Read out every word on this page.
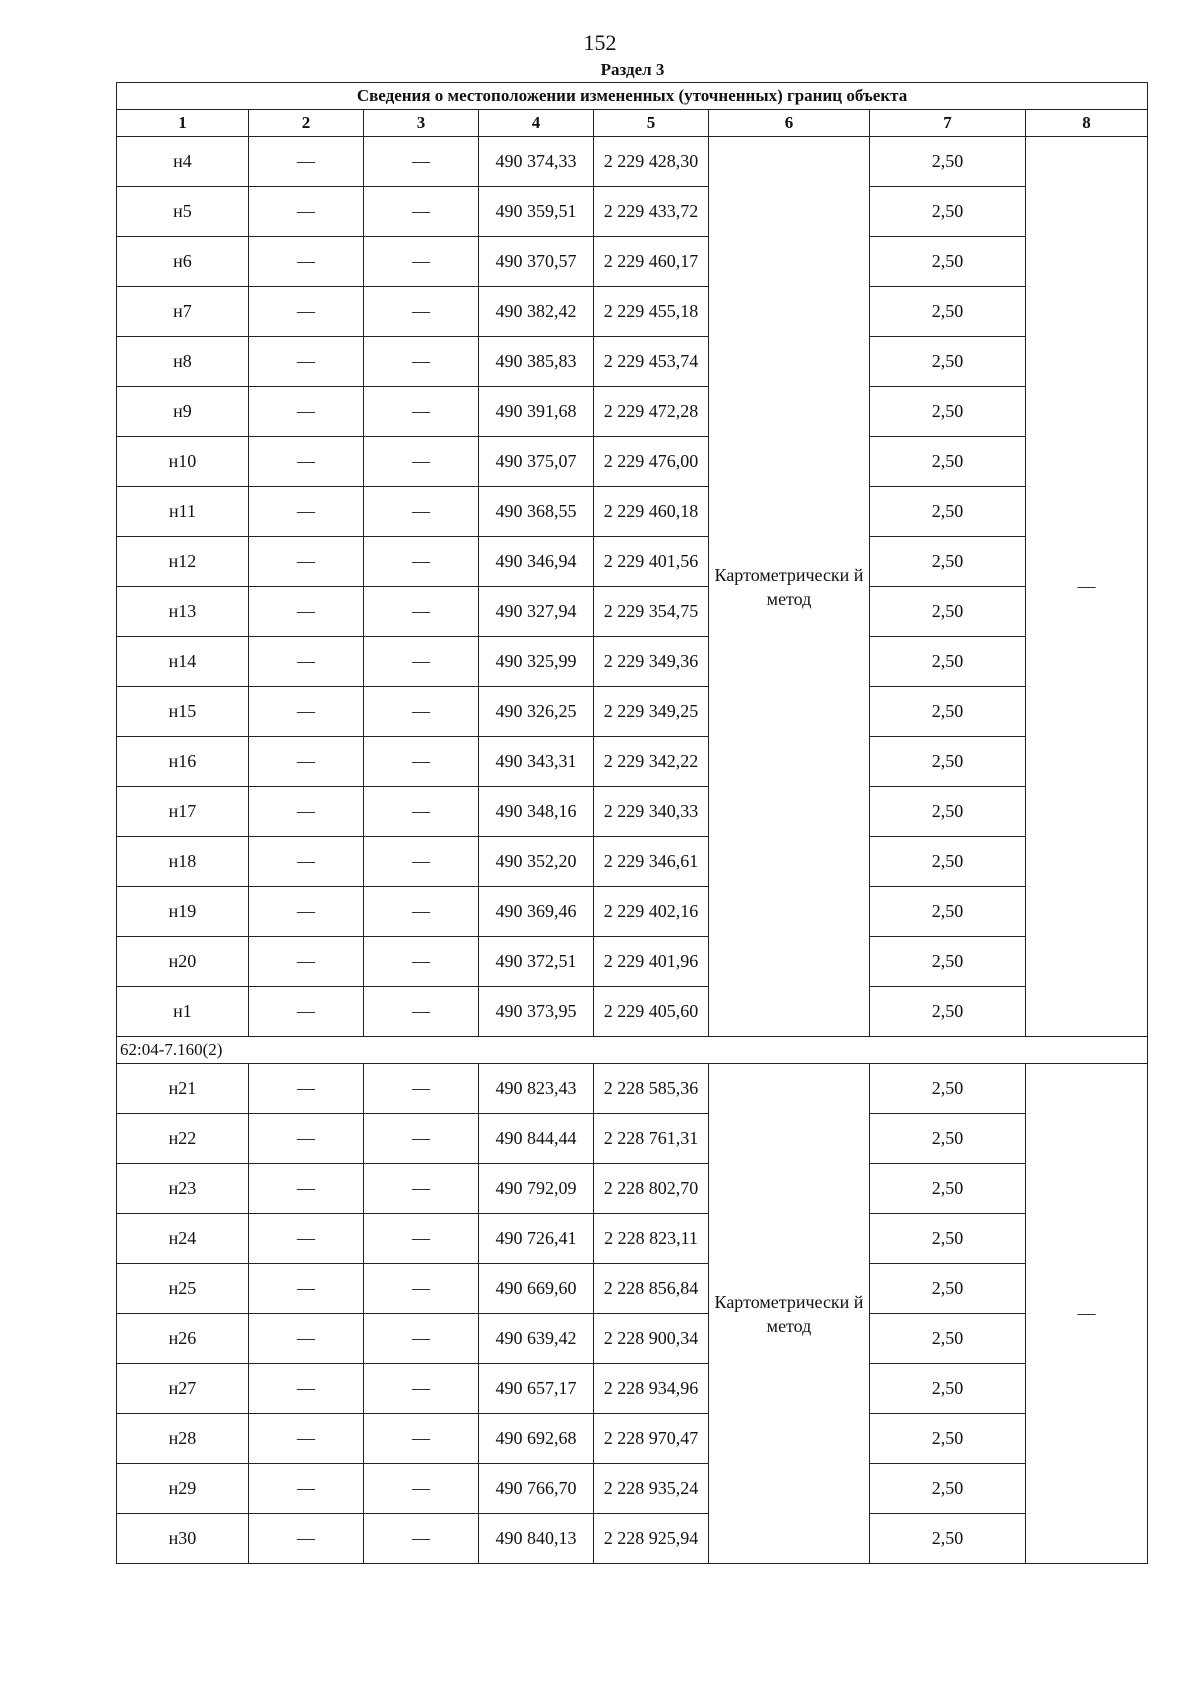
152
Раздел 3
Сведения о местоположении измененных (уточненных) границ объекта							
1	2	3	4	5	6	7	8
н4	—	—	490 374,33	2 229 428,30	Картометрически й метод	2,50	—
н5	—	—	490 359,51	2 229 433,72		2,50	
н6	—	—	490 370,57	2 229 460,17		2,50	
н7	—	—	490 382,42	2 229 455,18		2,50	
н8	—	—	490 385,83	2 229 453,74		2,50	
н9	—	—	490 391,68	2 229 472,28		2,50	
н10	—	—	490 375,07	2 229 476,00		2,50	
н11	—	—	490 368,55	2 229 460,18		2,50	
н12	—	—	490 346,94	2 229 401,56		2,50	
н13	—	—	490 327,94	2 229 354,75		2,50	
н14	—	—	490 325,99	2 229 349,36		2,50	
н15	—	—	490 326,25	2 229 349,25		2,50	
н16	—	—	490 343,31	2 229 342,22		2,50	
н17	—	—	490 348,16	2 229 340,33		2,50	
н18	—	—	490 352,20	2 229 346,61		2,50	
н19	—	—	490 369,46	2 229 402,16		2,50	
н20	—	—	490 372,51	2 229 401,96		2,50	
н1	—	—	490 373,95	2 229 405,60		2,50	
62:04-7.160(2)							
н21	—	—	490 823,43	2 228 585,36	Картометрически й метод	2,50	—
н22	—	—	490 844,44	2 228 761,31		2,50	
н23	—	—	490 792,09	2 228 802,70		2,50	
н24	—	—	490 726,41	2 228 823,11		2,50	
н25	—	—	490 669,60	2 228 856,84		2,50	
н26	—	—	490 639,42	2 228 900,34		2,50	
н27	—	—	490 657,17	2 228 934,96		2,50	
н28	—	—	490 692,68	2 228 970,47		2,50	
н29	—	—	490 766,70	2 228 935,24		2,50	
н30	—	—	490 840,13	2 228 925,94		2,50	
